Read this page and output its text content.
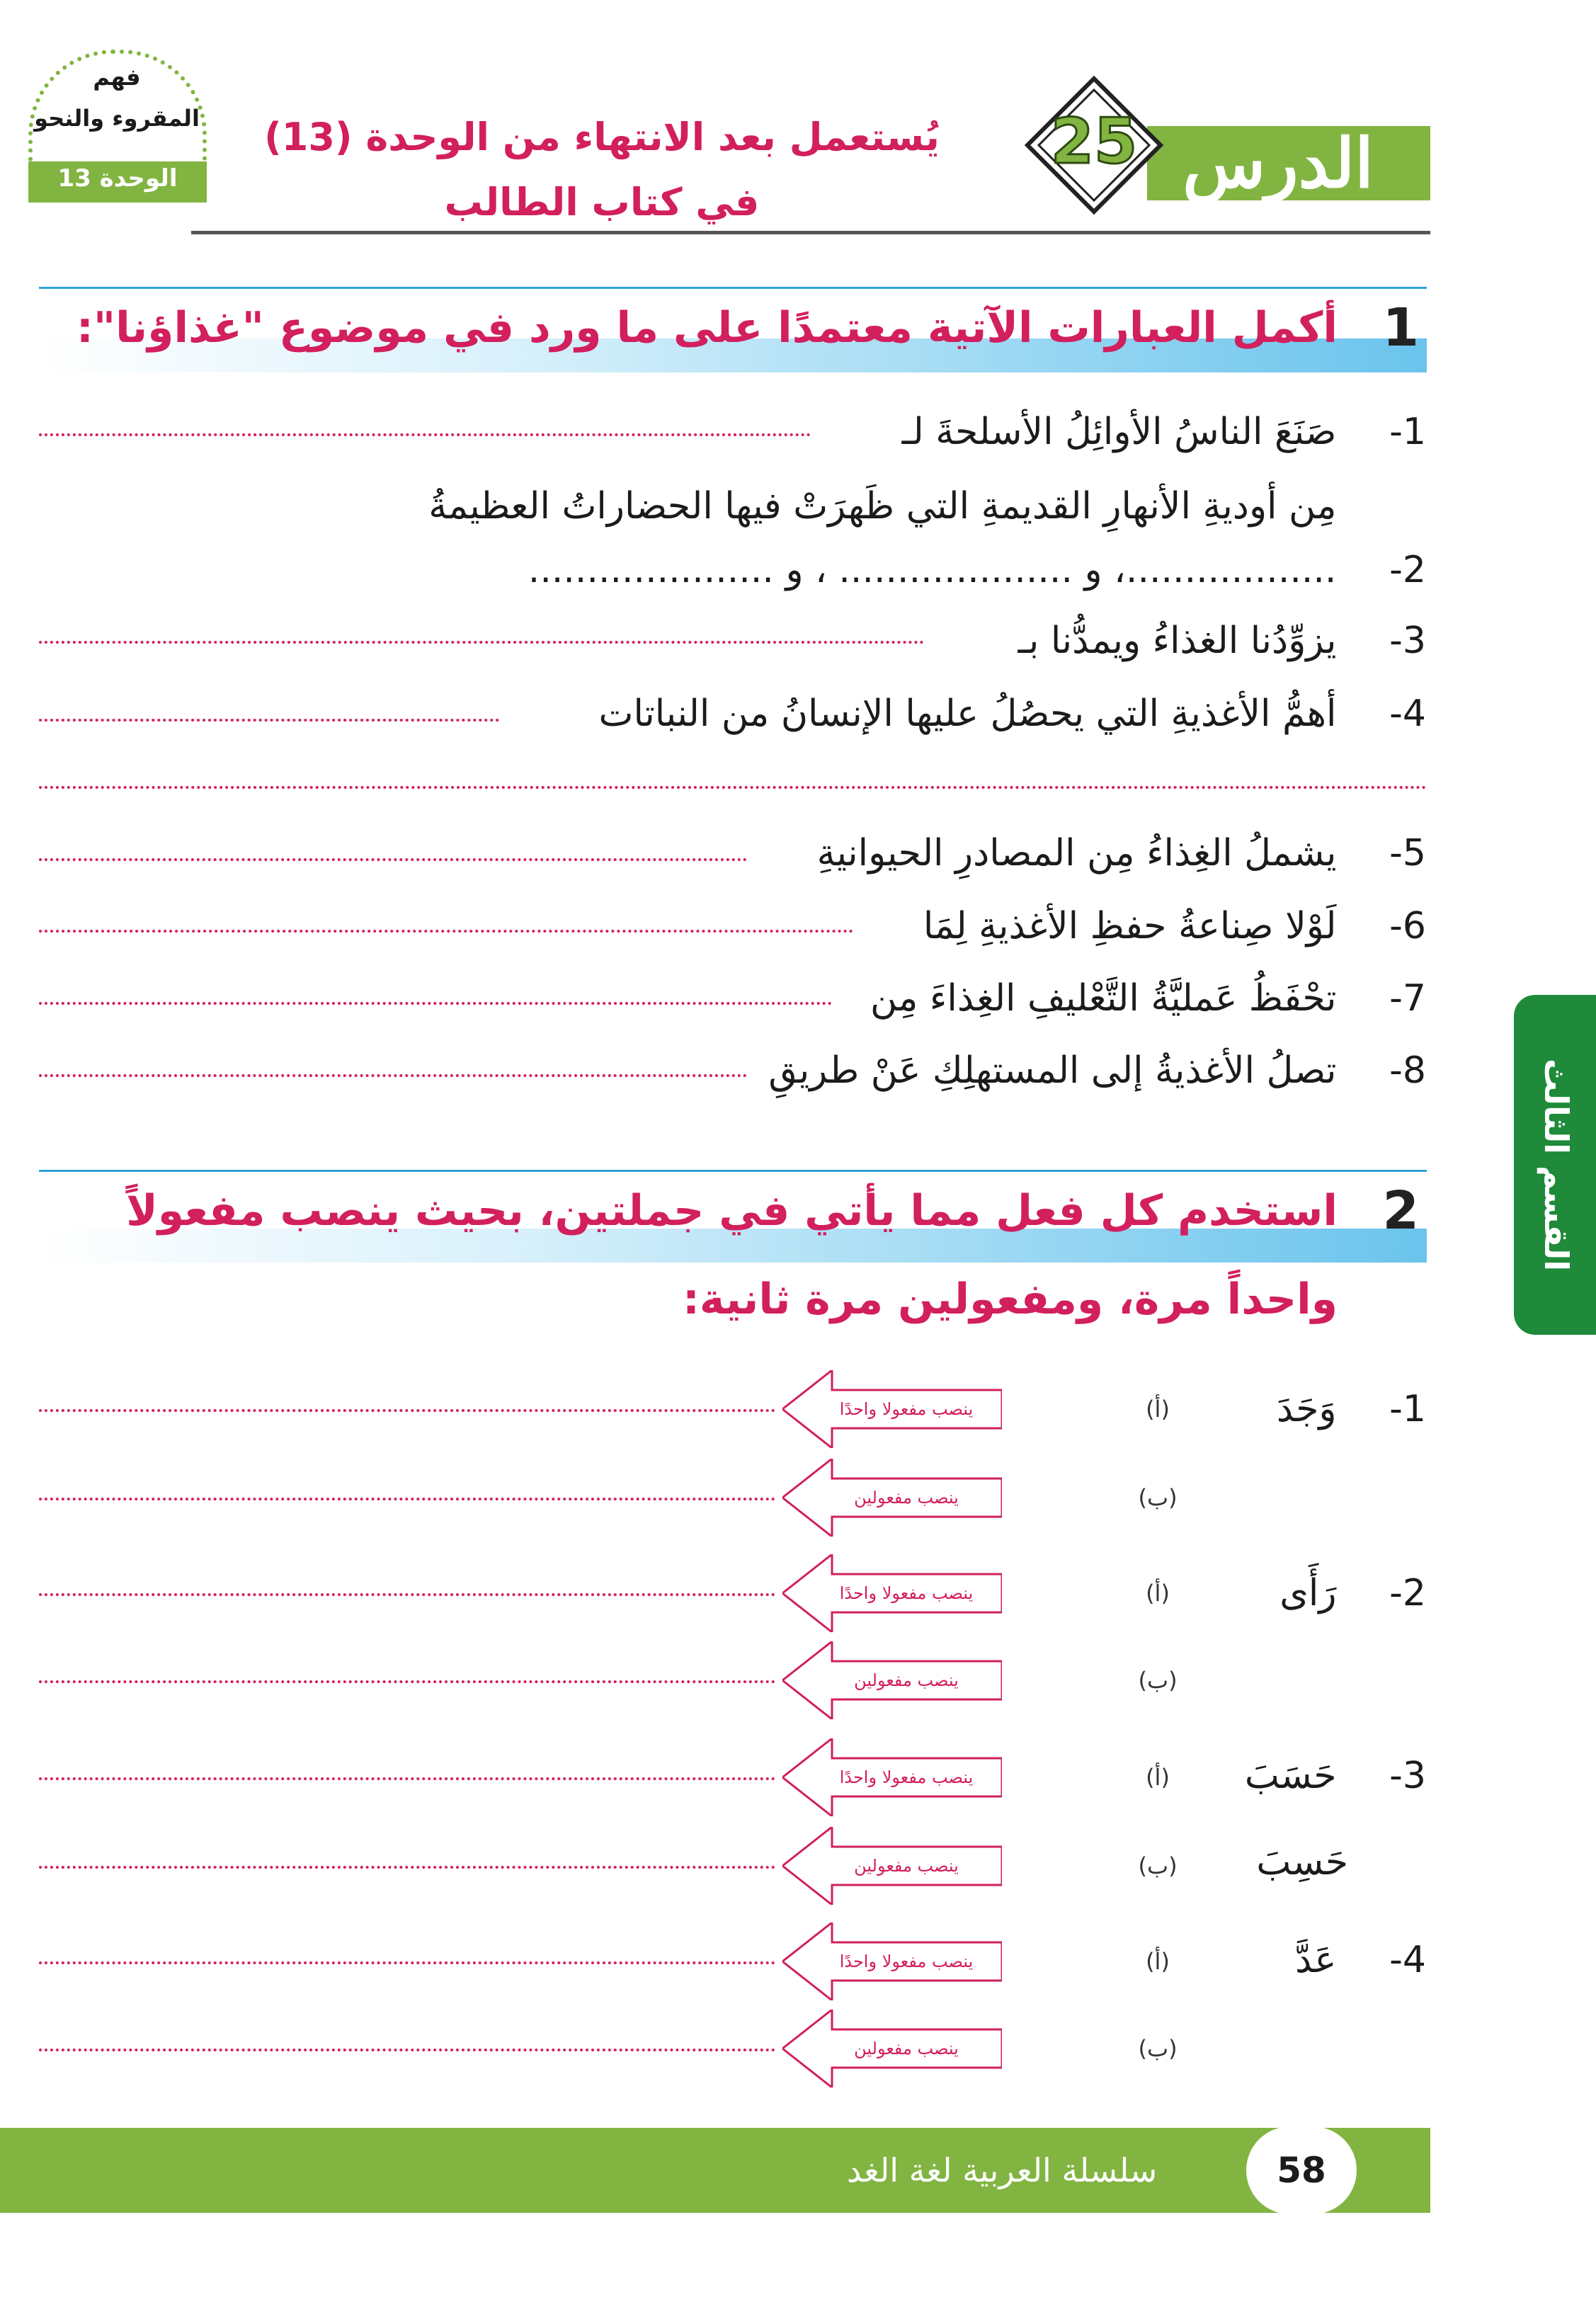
فهم
المقروء والنحو
الوحدة 13
يُستعمل بعد الانتهاء من الوحدة (13)
في كتاب الطالب	الدرس
25
القسم الثالث
1
أكمل العبارات الآتية معتمدًا على ما ورد في موضوع "غذاؤنا":
1- صَنَعَ الناسُ الأوائِلُ الأسلحةَ لـ
2- مِن أوديةِ الأنهارِ القديمةِ التي ظَهرَتْ فيها الحضاراتُ العظيمةُ ..................، و .................... ، و .....................
3- يزوِّدُنا الغذاءُ ويمدُّنا بـ
4- أهمُّ الأغذيةِ التي يحصُلُ عليها الإنسانُ من النباتات
5- يشملُ الغِذاءُ مِن المصادرِ الحيوانيةِ
6- لَوْلا صِناعةُ حفظِ الأغذيةِ لِمَا
7- تحْفَظُ عَمليَّةُ التَّعْليفِ الغِذاءَ مِن
8- تصلُ الأغذيةُ إلى المستهلِكِ عَنْ طريقِ
2
استخدم كل فعل مما يأتي في جملتين، بحيث ينصب مفعولاً
واحداً مرة، ومفعولين مرة ثانية:
1- وَجَدَ
2- رَأَى
3- حَسَبَ
حَسِبَ
4- عَدَّ
ينصب مفعولا واحدًا	(أ)
ينصب مفعولين	(ب)
ينصب مفعولا واحدًا	(أ)
ينصب مفعولين	(ب)
ينصب مفعولا واحدًا	(أ)
ينصب مفعولين	(ب)
ينصب مفعولا واحدًا	(أ)
ينصب مفعولين	(ب)
سلسلة العربية لغة الغد	58
